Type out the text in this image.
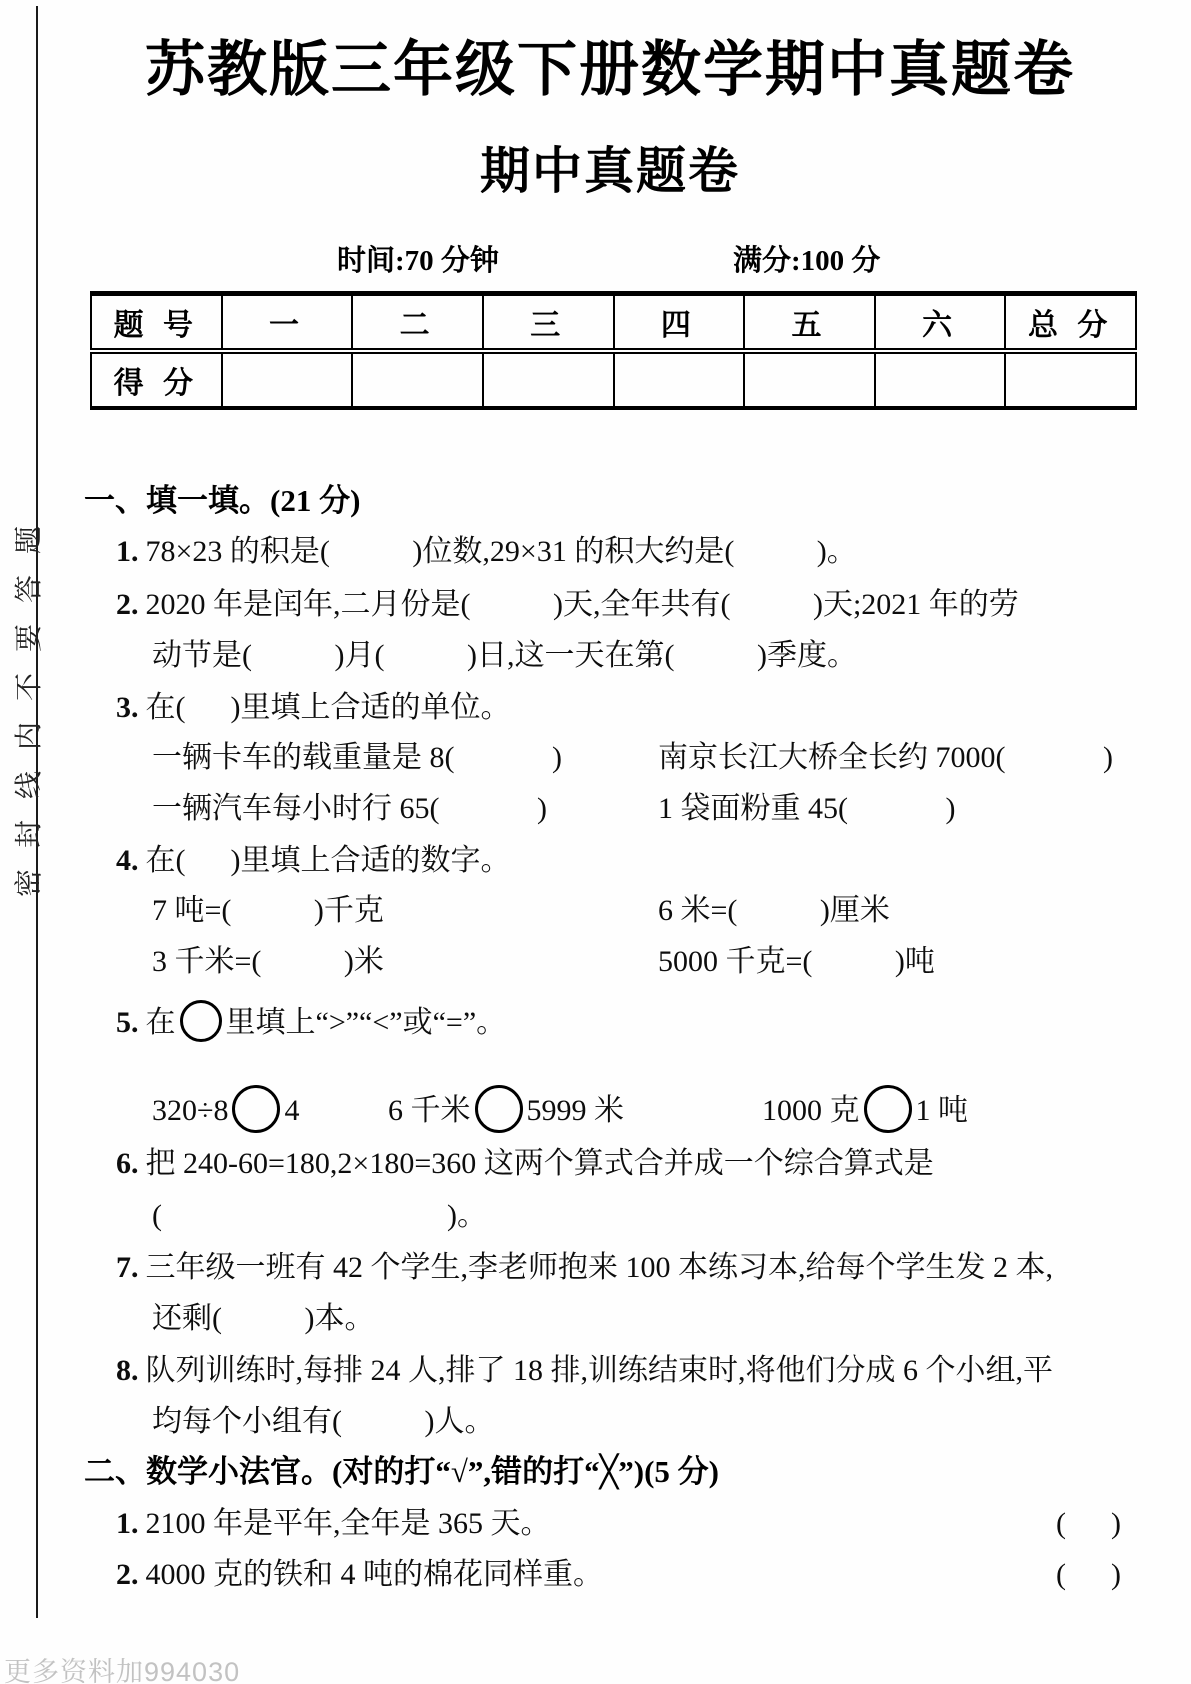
密封线内不要答题
苏教版三年级下册数学期中真题卷
期中真题卷
时间:70 分钟	满分:100 分
题 号	一	二	三	四	五	六	总 分
得 分							
一、填一填。(21 分)
1. 78×23 的积是(           )位数,29×31 的积大约是(           )。
2. 2020 年是闰年,二月份是(           )天,全年共有(           )天;2021 年的劳
动节是(           )月(           )日,这一天在第(           )季度。
3. 在(      )里填上合适的单位。
一辆卡车的载重量是 8(             )	南京长江大桥全长约 7000(             )
一辆汽车每小时行 65(             )	1 袋面粉重 45(             )
4. 在(      )里填上合适的数字。
7 吨=(           )千克	6 米=(           )厘米
3 千米=(           )米	5000 千克=(           )吨
5. 在 里填上“>”“<”或“=”。
320÷8 4	6 千米 5999 米	1000 克 1 吨
6. 把 240-60=180,2×180=360 这两个算式合并成一个综合算式是
(                                      )。
7. 三年级一班有 42 个学生,李老师抱来 100 本练习本,给每个学生发 2 本,
还剩(           )本。
8. 队列训练时,每排 24 人,排了 18 排,训练结束时,将他们分成 6 个小组,平
均每个小组有(           )人。
二、数学小法官。(对的打“√”,错的打“╳”)(5 分)
1. 2100 年是平年,全年是 365 天。	(      )
2. 4000 克的铁和 4 吨的棉花同样重。	(      )
更多资料加994030
